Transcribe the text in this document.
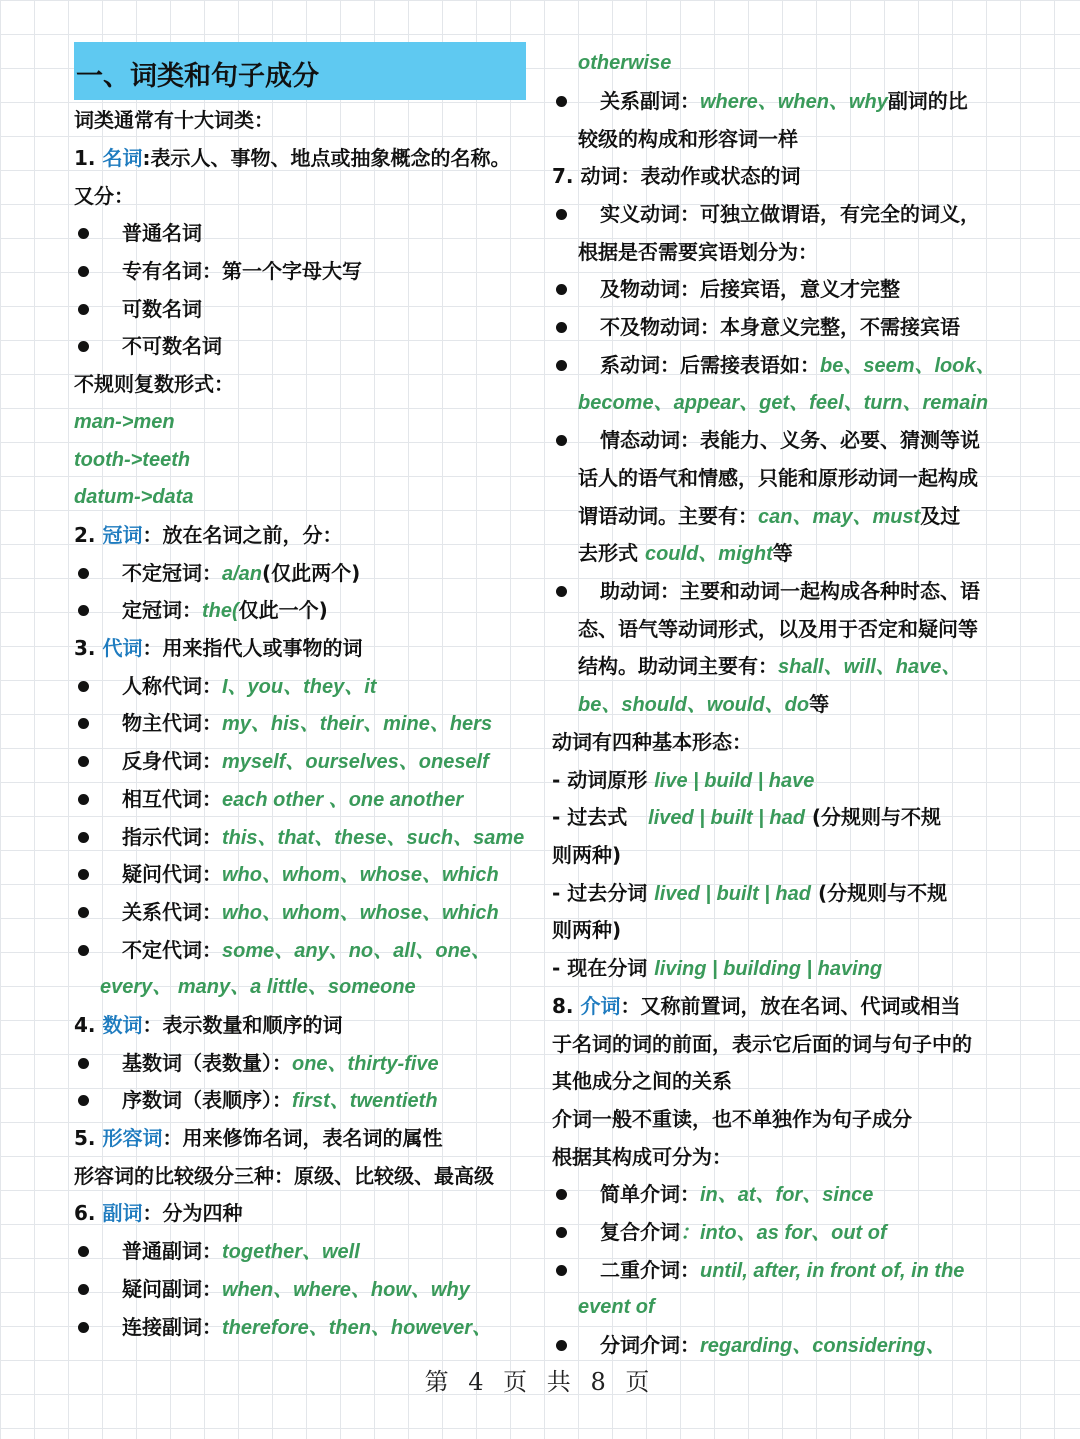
一、词类和句子成分
词类通常有十大词类：
1. 名词:表示人、事物、地点或抽象概念的名称。
又分：
普通名词
专有名词：第一个字母大写
可数名词
不可数名词
不规则复数形式：
man->men
tooth->teeth
datum->data
2. 冠词：放在名词之前，分：
不定冠词：a/an(仅此两个)
定冠词：the(仅此一个)
3. 代词：用来指代人或事物的词
人称代词：I、you、they、it
物主代词：my、his、their、mine、hers
反身代词：myself、ourselves、oneself
相互代词：each other 、one another
指示代词：this、that、these、such、same
疑问代词：who、whom、whose、which
关系代词：who、whom、whose、which
不定代词：some、any、no、all、one、
every、 many、a little、someone
4. 数词：表示数量和顺序的词
基数词（表数量）：one、thirty-five
序数词（表顺序）：first、twentieth
5. 形容词：用来修饰名词，表名词的属性
形容词的比较级分三种：原级、比较级、最高级
6. 副词：分为四种
普通副词：together、well
疑问副词：when、where、how、why
连接副词：therefore、then、however、
otherwise
关系副词：where、when、why副词的比
较级的构成和形容词一样
7. 动词：表动作或状态的词
实义动词：可独立做谓语，有完全的词义，
根据是否需要宾语划分为：
及物动词：后接宾语，意义才完整
不及物动词：本身意义完整，不需接宾语
系动词：后需接表语如：be、seem、look、
become、appear、get、feel、turn、remain
情态动词：表能力、义务、必要、猜测等说
话人的语气和情感，只能和原形动词一起构成
谓语动词。主要有：can、may、must及过
去形式 could、might等
助动词：主要和动词一起构成各种时态、语
态、语气等动词形式，以及用于否定和疑问等
结构。助动词主要有：shall、will、have、
be、should、would、do等
动词有四种基本形态：
- 动词原形 live | build | have
- 过去式   lived | built | had (分规则与不规
则两种)
- 过去分词 lived | built | had (分规则与不规
则两种)
- 现在分词 living | building | having
8. 介词：又称前置词，放在名词、代词或相当
于名词的词的前面，表示它后面的词与句子中的
其他成分之间的关系
介词一般不重读，也不单独作为句子成分
根据其构成可分为：
简单介词：in、at、for、since
复合介词：into、as for、out of
二重介词：until, after, in front of, in the
event of
分词介词：regarding、considering、
第 4 页 共 8 页
